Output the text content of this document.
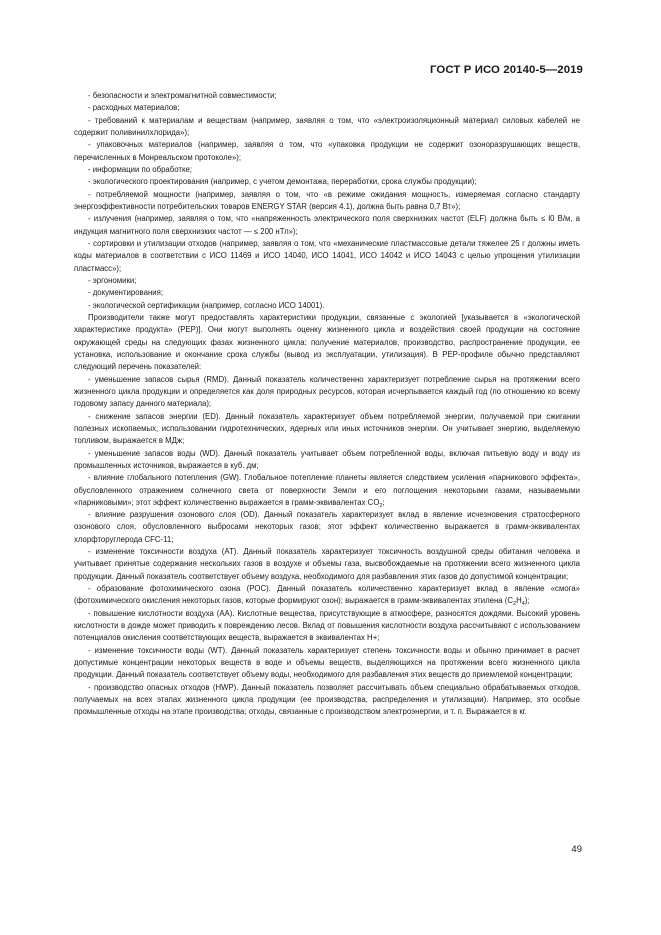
ГОСТ Р ИСО 20140-5—2019

- безопасности и электромагнитной совместимости;

- расходных материалов;

- требований к материалам и веществам (например, заявляя о том, что «электроизоляционный материал силовых кабелей не содержит поливинилхлорида»);

- упаковочных материалов (например, заявляя о том, что «упаковка продукции не содержит озоноразрушающих веществ, перечисленных в Монреальском протоколе»);

- информации по обработке;

- экологического проектирования (например, с учетом демонтажа, переработки, срока службы продукции);

- потребляемой мощности (например, заявляя о том, что «в режиме ожидания мощность, измеряемая согласно стандарту энергоэффективности потребительских товаров ENERGY STAR (версия 4.1), должна быть равна 0,7 Вт»);

- излучения (например, заявляя о том, что «напряженность электрического поля сверхнизких частот (ELF) должна быть ≤ l0 В/м, а индукция магнитного поля сверхнизких частот — ≤ 200 нТл»);

- сортировки и утилизации отходов (например, заявляя о том, что «механические пластмассовые детали тяжелее 25 г должны иметь коды материалов в соответствии с ИСО 11469 и ИСО 14040, ИСО 14041, ИСО 14042 и ИСО 14043 с целью упрощения утилизации пластмасс»);

- эргономики;

- документирования;

- экологической сертификации (например, согласно ИСО 14001).

Производители также могут предоставлять характеристики продукции, связанные с экологией [указывается в «экологической характеристике продукта» (PEP)]. Они могут выполнять оценку жизненного цикла и воздействия своей продукции на состояние окружающей среды на следующих фазах жизненного цикла: получение материалов, производство, распространение продукции, ее установка, использование и окончание срока службы (вывод из эксплуатации, утилизация). В PEP-профиле обычно представляют следующий перечень показателей:

- уменьшение запасов сырья (RMD). Данный показатель количественно характеризует потребление сырья на протяжении всего жизненного цикла продукции и определяется как доля природных ресурсов, которая исчерпывается каждый год (по отношению ко всему годовому запасу данного материала);

- снижение запасов энергии (ED). Данный показатель характеризует объем потребляемой энергии, получаемой при сжигании полезных ископаемых, использовании гидротехнических, ядерных или иных источников энергии. Он учитывает энергию, выделяемую топливом, выражается в МДж;

- уменьшение запасов воды (WD). Данный показатель учитывает объем потребленной воды, включая питьевую воду и воду из промышленных источников, выражается в куб. дм;

- влияние глобального потепления (GW). Глобальное потепление планеты является следствием усиления «парникового эффекта», обусловленного отражением солнечного света от поверхности Земли и его поглощения некоторыми газами, называемыми «парниковыми»; этот эффект количественно выражается в грамм-эквивалентах $CO_2$;

- влияние разрушения озонового слоя (OD). Данный показатель характеризует вклад в явление исчезновения стратосферного озонового слоя, обусловленного выбросами некоторых газов; этот эффект количественно выражается в грамм-эквивалентах хлорфторуглерода CFC-11;

- изменение токсичности воздуха (AT). Данный показатель характеризует токсичность воздушной среды обитания человека и учитывает принятые содержания нескольких газов в воздухе и объемы газа, высвобождаемые на протяжении всего жизненного цикла продукции. Данный показатель соответствует объему воздуха, необходимого для разбавления этих газов до допустимой концентрации;

- образование фотохимического озона (POC). Данный показатель количественно характеризует вклад в явление «смога» (фотохимического окисления некоторых газов, которые формируют озон); выражается в грамм-эквивалентах этилена $(C_2H_4)$;

- повышение кислотности воздуха (AA). Кислотные вещества, присутствующие в атмосфере, разносятся дождями. Высокий уровень кислотности в дожде может приводить к повреждению лесов. Вклад от повышения кислотности воздуха рассчитывают с использованием потенциалов окисления соответствующих веществ, выражается в эквивалентах H+;

- изменение токсичности воды (WT). Данный показатель характеризует степень токсичности воды и обычно принимает в расчет допустимые концентрации некоторых веществ в воде и объемы веществ, выделяющихся на протяжении всего жизненного цикла продукции. Данный показатель соответствует объему воды, необходимого для разбавления этих веществ до приемлемой концентрации;

- производство опасных отходов (HWP). Данный показатель позволяет рассчитывать объем специально обрабатываемых отходов, получаемых на всех этапах жизненного цикла продукции (ее производства, распределения и утилизации). Например, это особые промышленные отходы на этапе производства; отходы, связанные с производством электроэнергии, и т. п. Выражается в кг.

49
